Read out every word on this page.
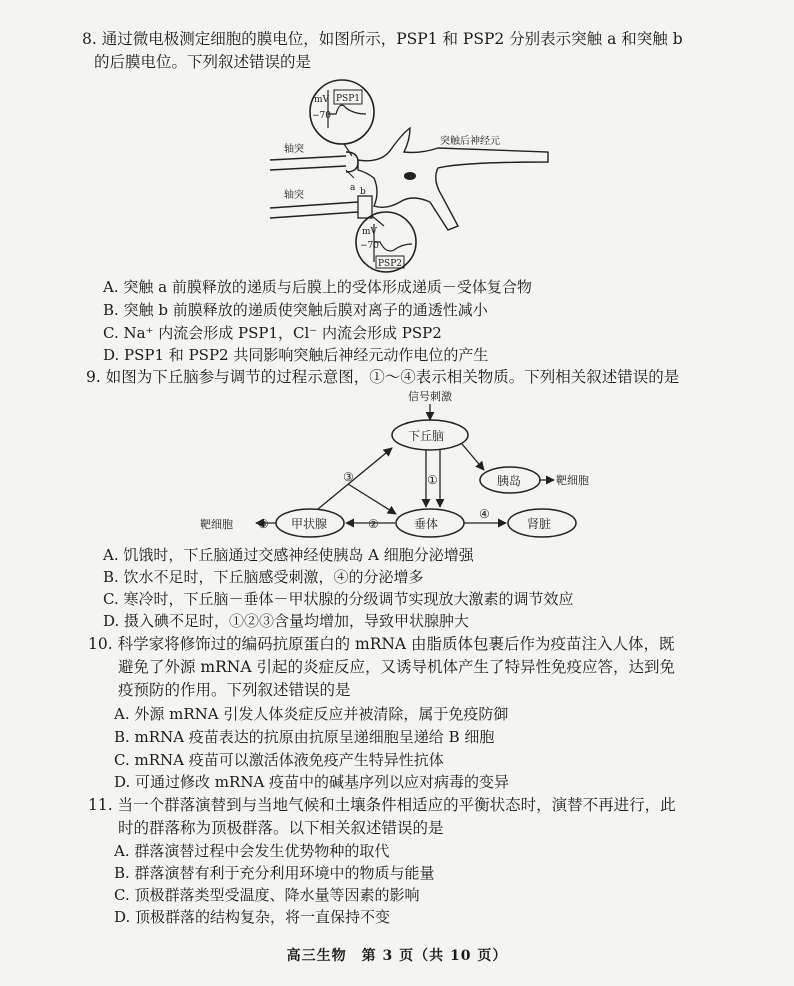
8. 通过微电极测定细胞的膜电位，如图所示，PSP1 和 PSP2 分别表示突触 a 和突触 b
的后膜电位。下列叙述错误的是
mV
−70
PSP1
轴突
a
轴突	b
突触后神经元
mV
−70
PSP2
A. 突触 a 前膜释放的递质与后膜上的受体形成递质－受体复合物
B. 突触 b 前膜释放的递质使突触后膜对离子的通透性减小
C. Na⁺ 内流会形成 PSP1，Cl⁻ 内流会形成 PSP2
D. PSP1 和 PSP2 共同影响突触后神经元动作电位的产生
9. 如图为下丘脑参与调节的过程示意图，①～④表示相关物质。下列相关叙述错误的是
信号刺激
下丘脑
胰岛	靶细胞
垂体
①
甲状腺	②
③
③
靶细胞	肾脏
④
A. 饥饿时，下丘脑通过交感神经使胰岛 A 细胞分泌增强
B. 饮水不足时，下丘脑感受刺激，④的分泌增多
C. 寒冷时，下丘脑－垂体－甲状腺的分级调节实现放大激素的调节效应
D. 摄入碘不足时，①②③含量均增加，导致甲状腺肿大
10. 科学家将修饰过的编码抗原蛋白的 mRNA 由脂质体包裹后作为疫苗注入人体，既
避免了外源 mRNA 引起的炎症反应，又诱导机体产生了特异性免疫应答，达到免
疫预防的作用。下列叙述错误的是
A. 外源 mRNA 引发人体炎症反应并被清除，属于免疫防御
B. mRNA 疫苗表达的抗原由抗原呈递细胞呈递给 B 细胞
C. mRNA 疫苗可以激活体液免疫产生特异性抗体
D. 可通过修改 mRNA 疫苗中的碱基序列以应对病毒的变异
11. 当一个群落演替到与当地气候和土壤条件相适应的平衡状态时，演替不再进行，此
时的群落称为顶极群落。以下相关叙述错误的是
A. 群落演替过程中会发生优势物种的取代
B. 群落演替有利于充分利用环境中的物质与能量
C. 顶极群落类型受温度、降水量等因素的影响
D. 顶极群落的结构复杂，将一直保持不变
高三生物　第 3 页（共 10 页）
